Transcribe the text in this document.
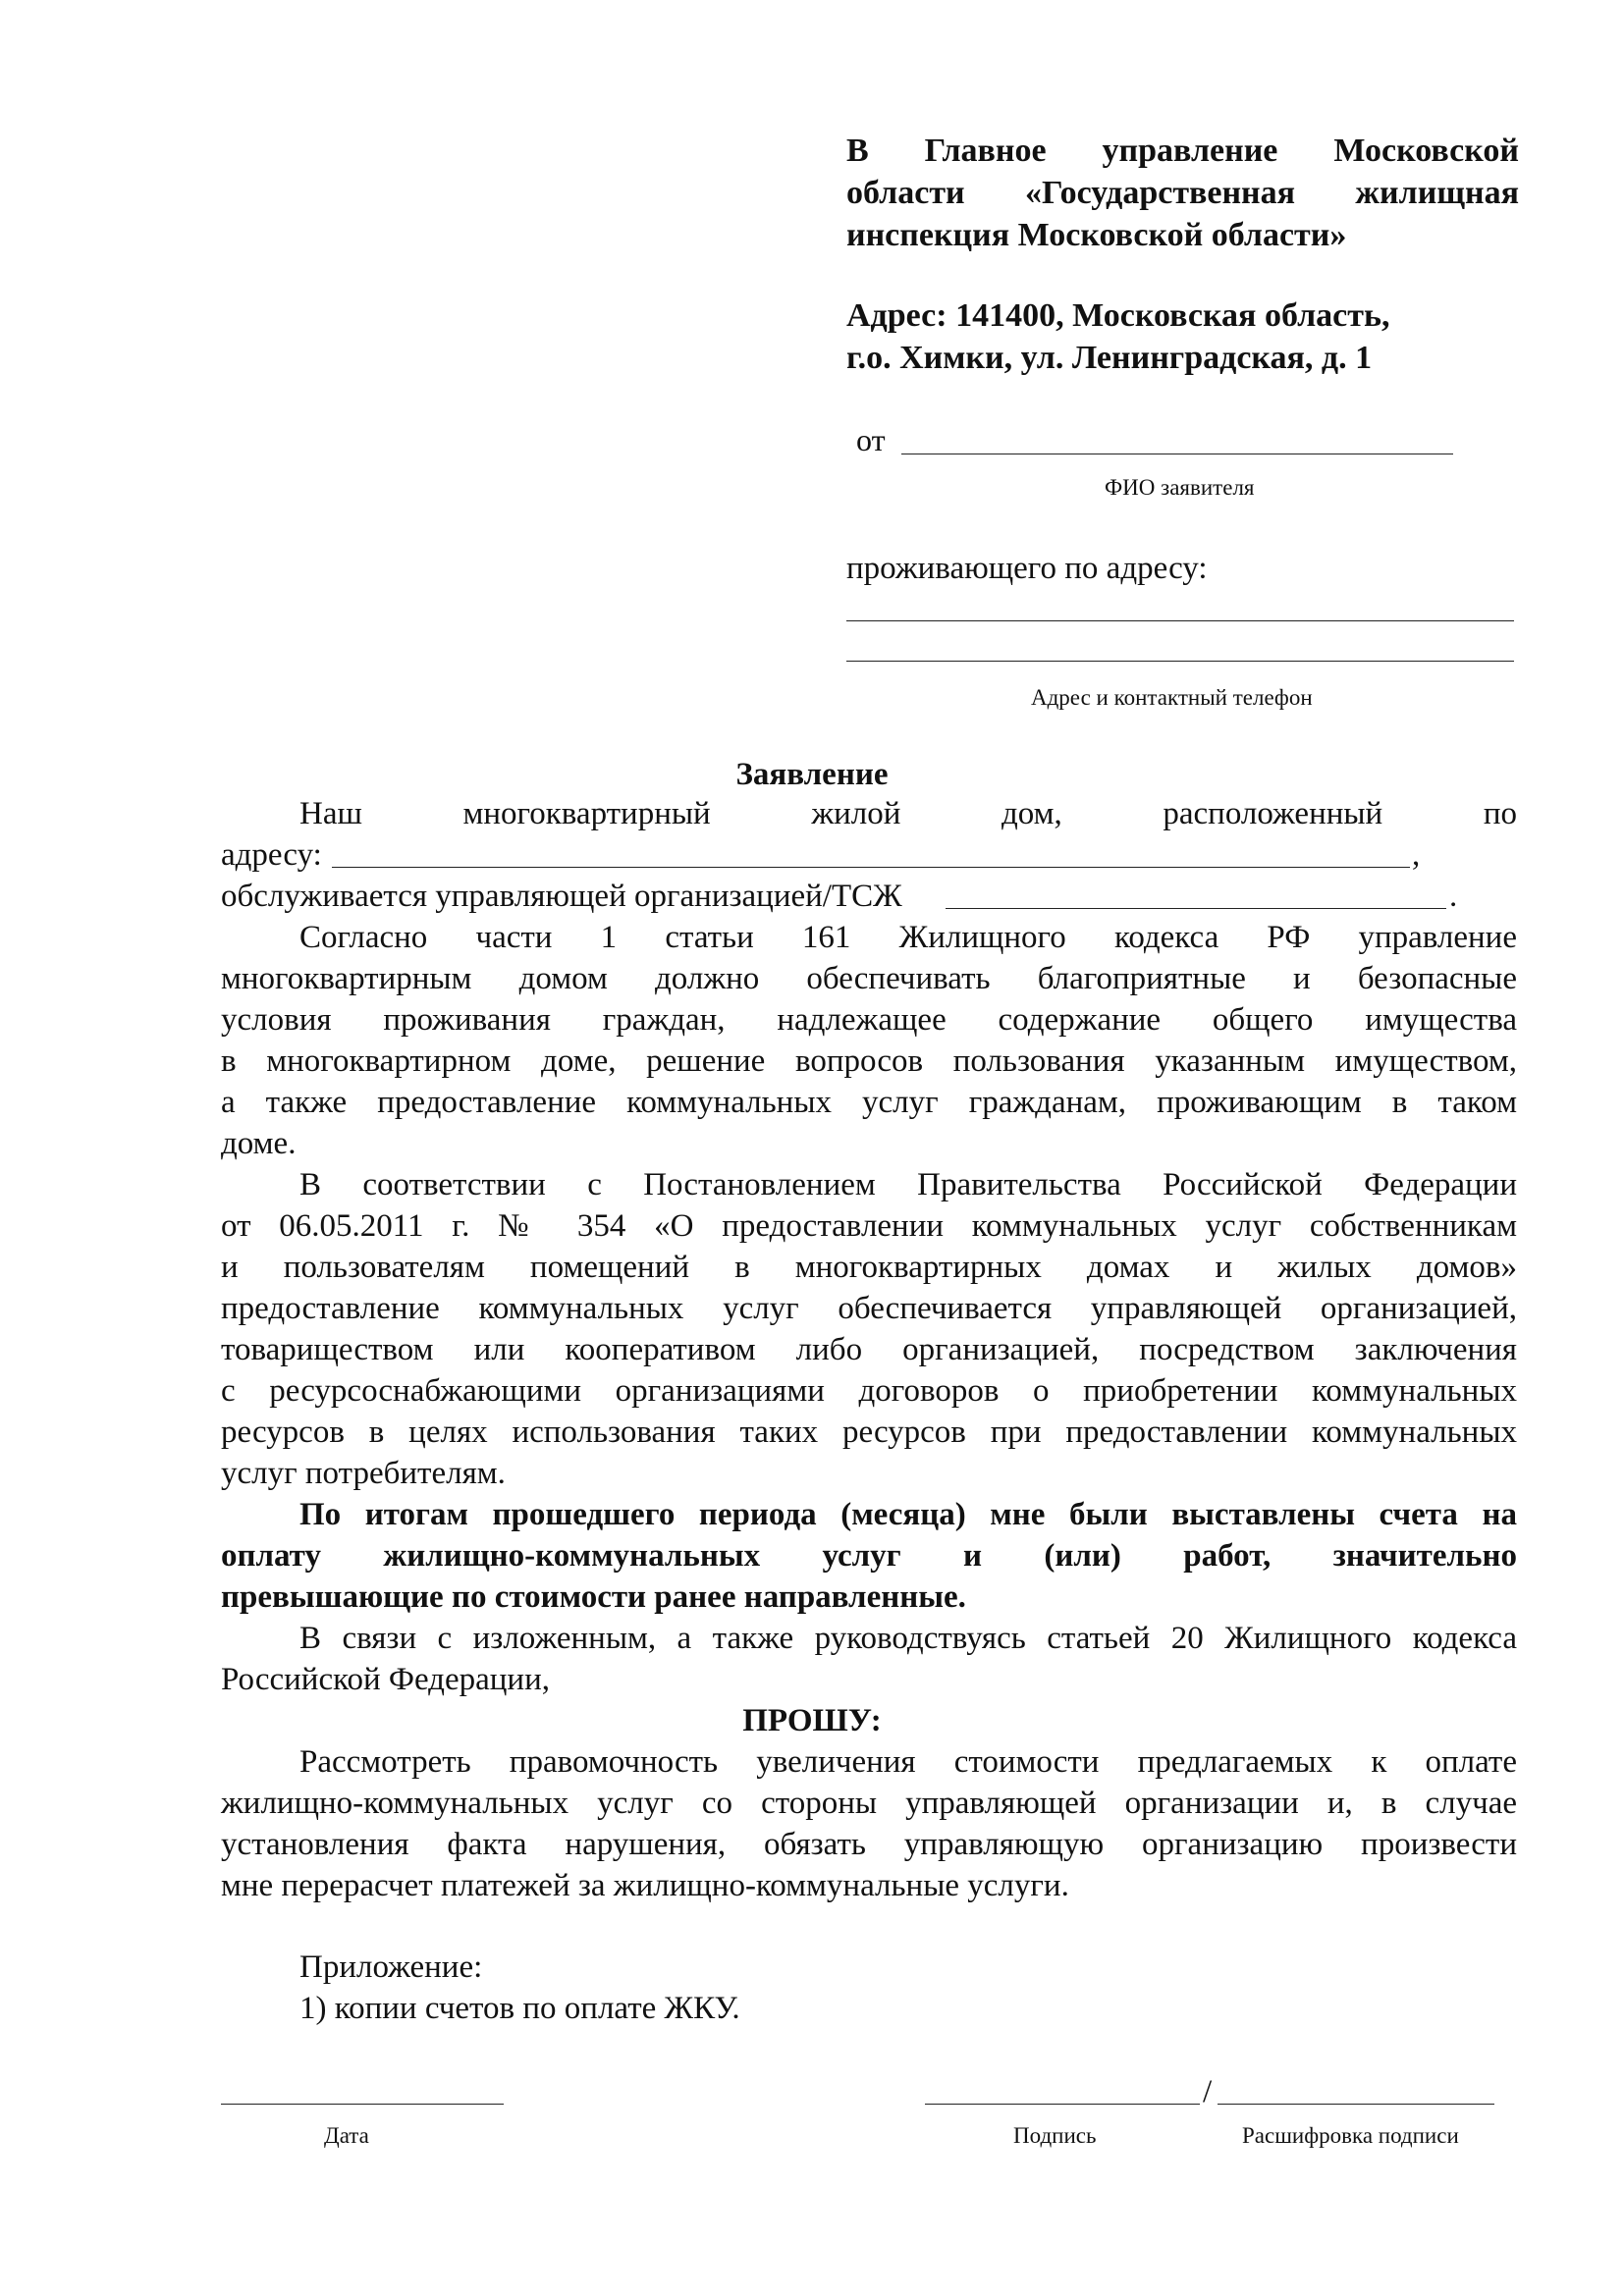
В Главное управление Московской
области «Государственная жилищная
инспекция Московской области»
Адрес: 141400, Московская область,
г.о. Химки, ул. Ленинградская, д. 1
от
ФИО заявителя
проживающего по адресу:
Адрес и контактный телефон
Заявление
Наш	многоквартирный	жилой	дом,	расположенный	по
адресу:	,
обслуживается управляющей организацией/ТСЖ	.
Согласно части 1 статьи 161 Жилищного кодекса РФ управление
многоквартирным домом должно обеспечивать благоприятные и безопасные
условия проживания граждан, надлежащее содержание общего имущества
в многоквартирном доме, решение вопросов пользования указанным имуществом,
а также предоставление коммунальных услуг гражданам, проживающим в таком
доме.
В соответствии с Постановлением Правительства Российской Федерации
от 06.05.2011 г. № 354 «О предоставлении коммунальных услуг собственникам
и пользователям помещений в многоквартирных домах и жилых домов»
предоставление коммунальных услуг обеспечивается управляющей организацией,
товариществом или кооперативом либо организацией, посредством заключения
с ресурсоснабжающими организациями договоров о приобретении коммунальных
ресурсов в целях использования таких ресурсов при предоставлении коммунальных
услуг потребителям.
По итогам прошедшего периода (месяца) мне были выставлены счета на
оплату жилищно-коммунальных услуг и (или) работ, значительно
превышающие по стоимости ранее направленные.
В связи с изложенным, а также руководствуясь статьей 20 Жилищного кодекса
Российской Федерации,
ПРОШУ:
Рассмотреть правомочность увеличения стоимости предлагаемых к оплате
жилищно-коммунальных услуг со стороны управляющей организации и, в случае
установления факта нарушения, обязать управляющую организацию произвести
мне перерасчет платежей за жилищно-коммунальные услуги.
Приложение:
1) копии счетов по оплате ЖКУ.
/
Дата	Подпись	Расшифровка подписи
